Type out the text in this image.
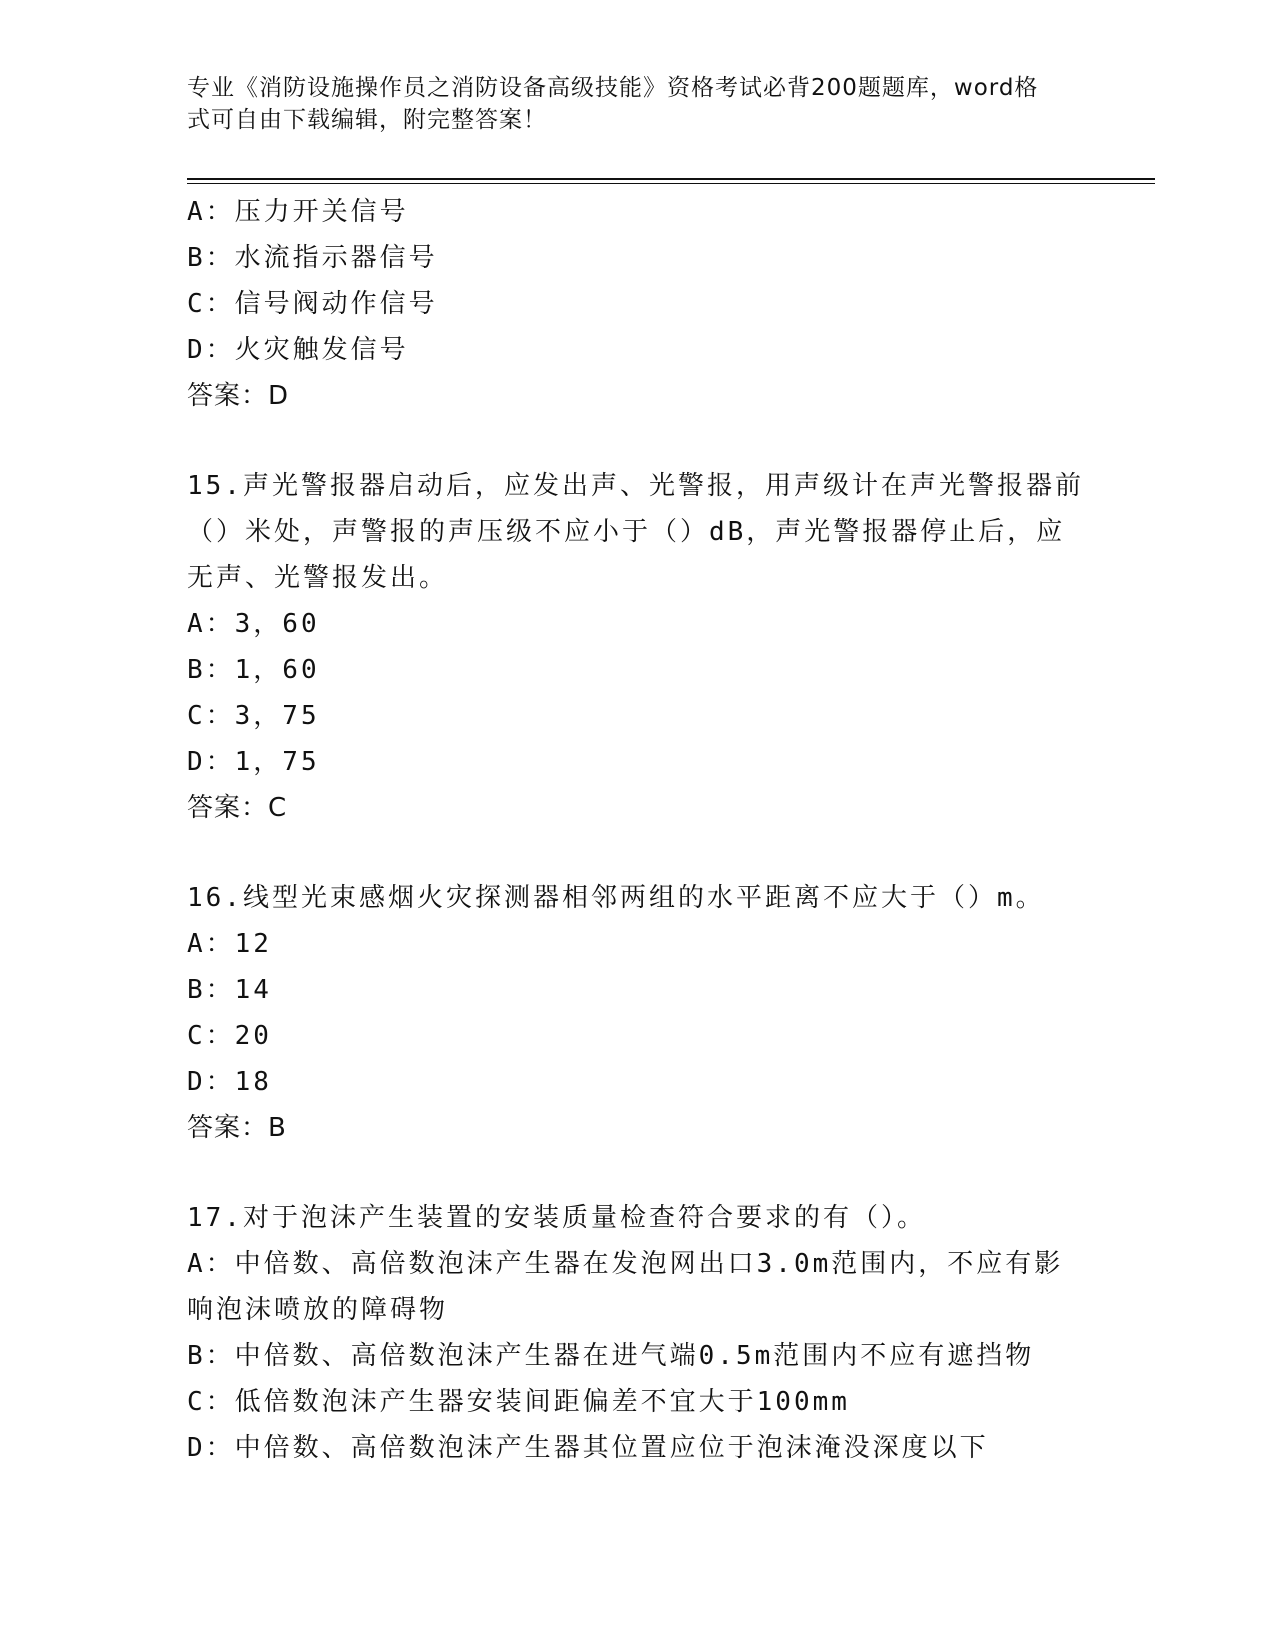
专业《消防设施操作员之消防设备高级技能》资格考试必背200题题库，word格
式可自由下载编辑，附完整答案！
A：压力开关信号
B：水流指示器信号
C：信号阀动作信号
D：火灾触发信号
答案：D
15.声光警报器启动后，应发出声、光警报，用声级计在声光警报器前
（）米处，声警报的声压级不应小于（）dB，声光警报器停止后，应
无声、光警报发出。
A：3，60
B：1，60
C：3，75
D：1，75
答案：C
16.线型光束感烟火灾探测器相邻两组的水平距离不应大于（）m。
A：12
B：14
C：20
D：18
答案：B
17.对于泡沫产生装置的安装质量检查符合要求的有（）。
A：中倍数、高倍数泡沫产生器在发泡网出口3.0m范围内，不应有影
响泡沫喷放的障碍物
B：中倍数、高倍数泡沫产生器在进气端0.5m范围内不应有遮挡物
C：低倍数泡沫产生器安装间距偏差不宜大于100mm
D：中倍数、高倍数泡沫产生器其位置应位于泡沫淹没深度以下
